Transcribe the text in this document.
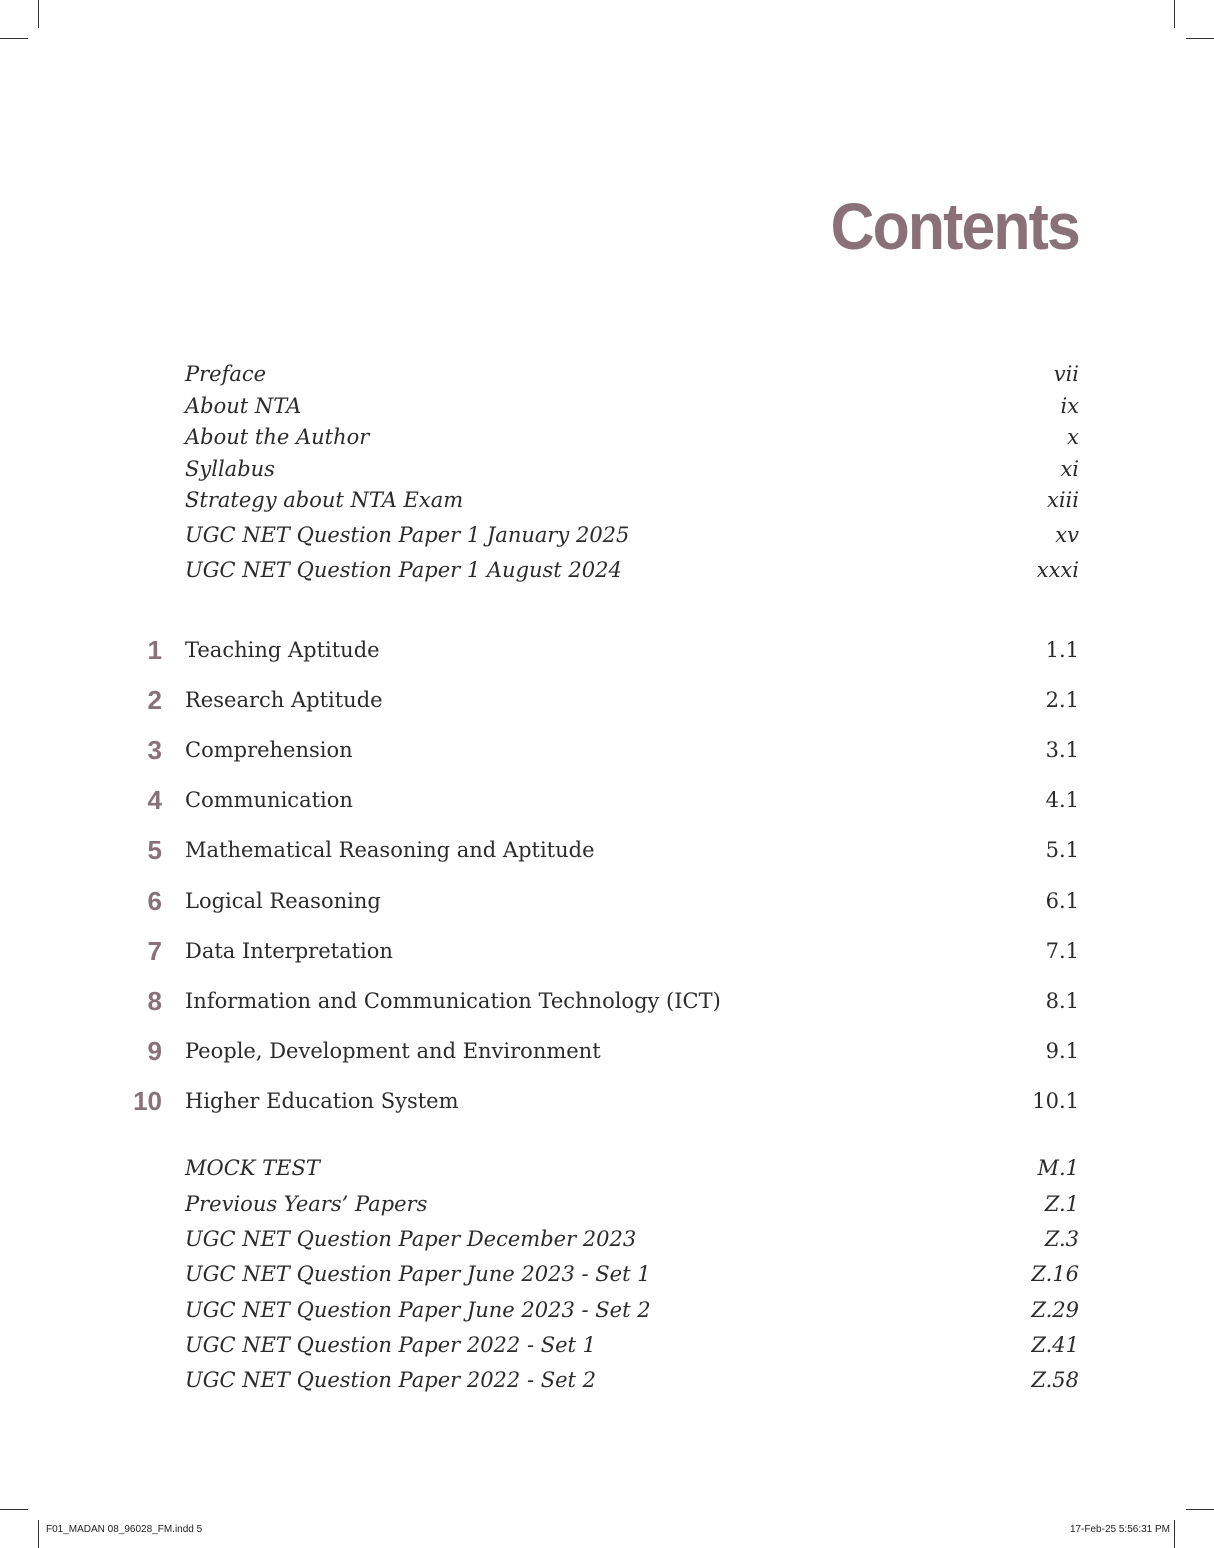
Contents
Preface	vii
About NTA	ix
About the Author	x
Syllabus	xi
Strategy about NTA Exam	xiii
UGC NET Question Paper 1 January 2025	xv
UGC NET Question Paper 1 August 2024	xxxi
1 Teaching Aptitude	1.1
2 Research Aptitude	2.1
3 Comprehension	3.1
4 Communication	4.1
5 Mathematical Reasoning and Aptitude	5.1
6 Logical Reasoning	6.1
7 Data Interpretation	7.1
8 Information and Communication Technology (ICT)	8.1
9 People, Development and Environment	9.1
10 Higher Education System	10.1
MOCK TEST	M.1
Previous Years’ Papers	Z.1
UGC NET Question Paper December 2023	Z.3
UGC NET Question Paper June 2023 - Set 1	Z.16
UGC NET Question Paper June 2023 - Set 2	Z.29
UGC NET Question Paper 2022 - Set 1	Z.41
UGC NET Question Paper 2022 - Set 2	Z.58
F01_MADAN 08_96028_FM.indd 5	17-Feb-25 5:56:31 PM
